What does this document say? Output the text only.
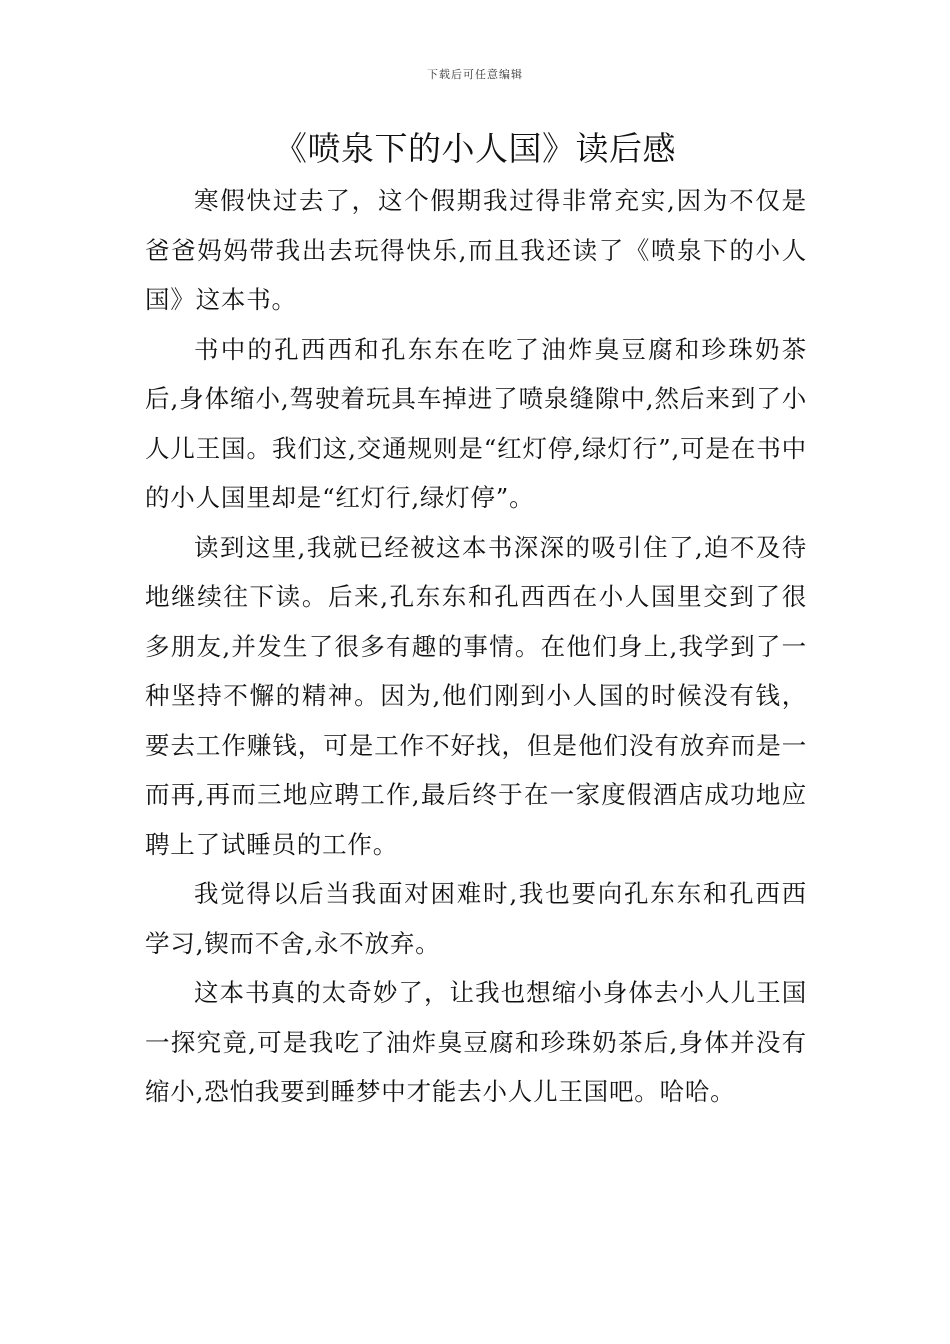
下载后可任意编辑
《喷泉下的小人国》读后感

寒假快过去了，这个假期我过得非常充实,因为不仅是爸爸妈妈带我出去玩得快乐,而且我还读了《喷泉下的小人国》这本书。

书中的孔西西和孔东东在吃了油炸臭豆腐和珍珠奶茶后,身体缩小,驾驶着玩具车掉进了喷泉缝隙中,然后来到了小人儿王国。我们这,交通规则是“红灯停,绿灯行”,可是在书中的小人国里却是“红灯行,绿灯停”。

读到这里,我就已经被这本书深深的吸引住了,迫不及待地继续往下读。后来,孔东东和孔西西在小人国里交到了很多朋友,并发生了很多有趣的事情。在他们身上,我学到了一种坚持不懈的精神。因为,他们刚到小人国的时候没有钱，要去工作赚钱，可是工作不好找，但是他们没有放弃而是一而再,再而三地应聘工作,最后终于在一家度假酒店成功地应聘上了试睡员的工作。

我觉得以后当我面对困难时,我也要向孔东东和孔西西学习,锲而不舍,永不放弃。

这本书真的太奇妙了，让我也想缩小身体去小人儿王国一探究竟,可是我吃了油炸臭豆腐和珍珠奶茶后,身体并没有缩小,恐怕我要到睡梦中才能去小人儿王国吧。哈哈。
